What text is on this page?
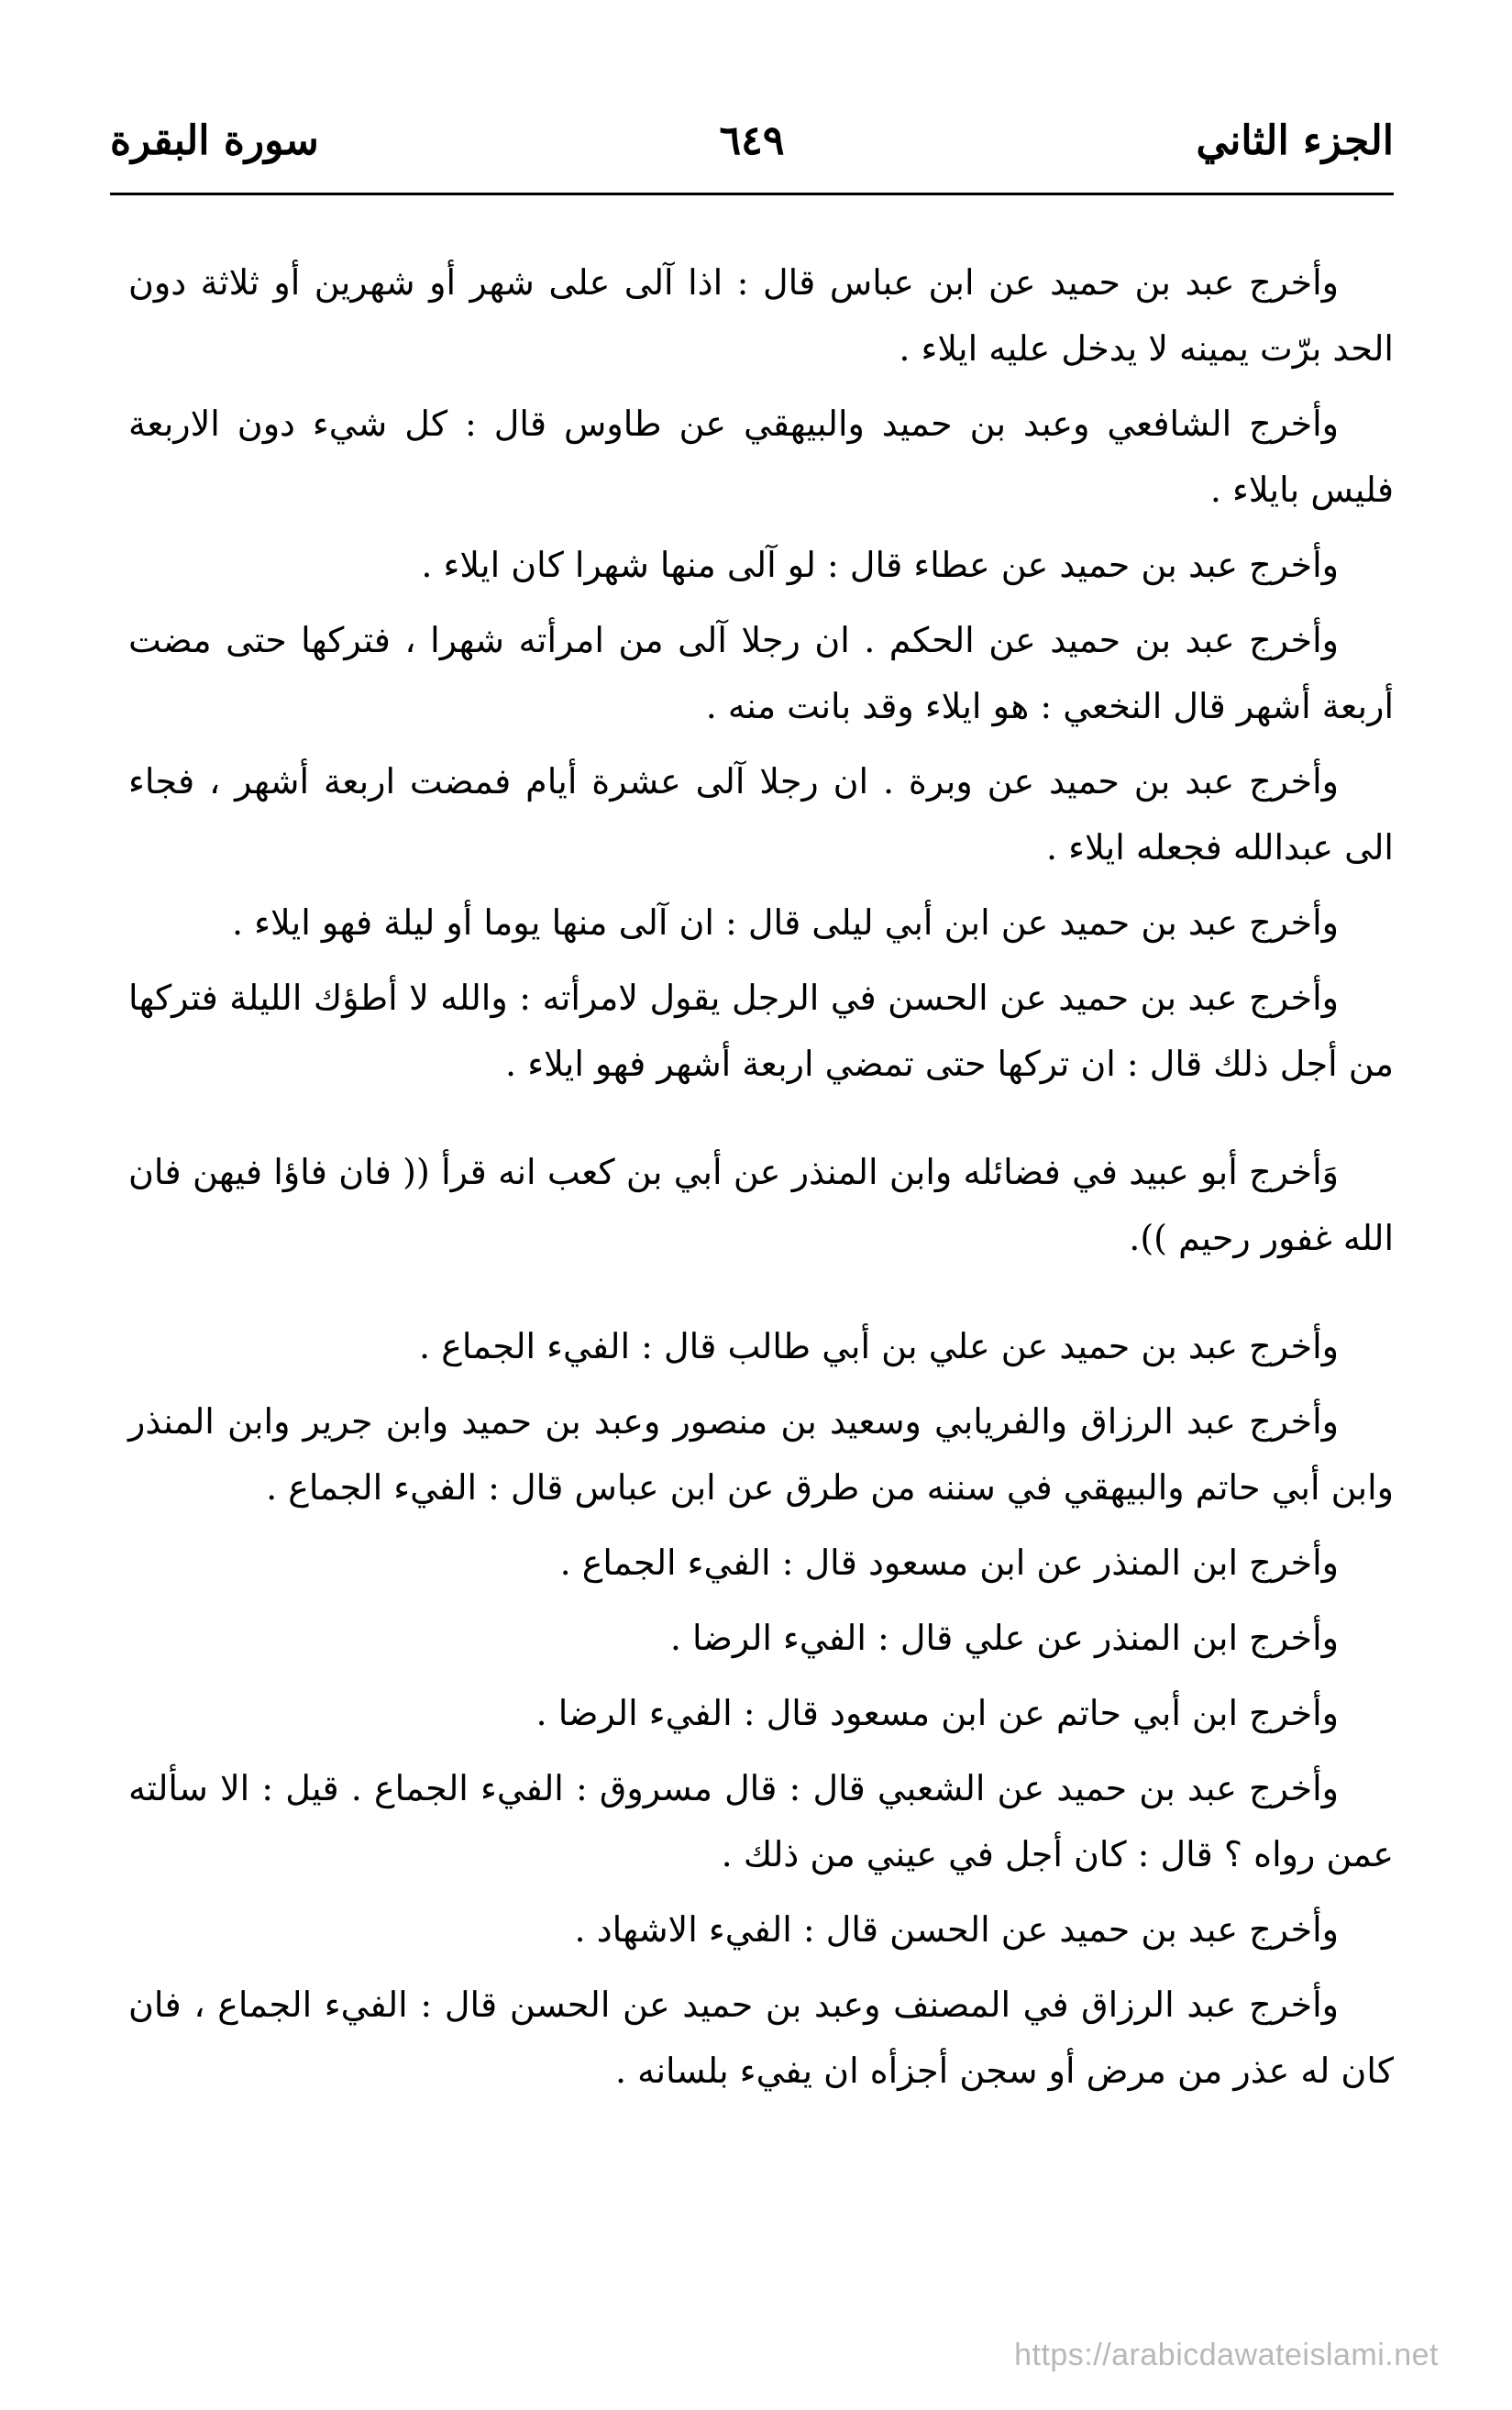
الجزء الثاني
٦٤٩
سورة البقرة

وأخرج عبد بن حميد عن ابن عباس قال : اذا آلى على شهر أو شهرين أو ثلاثة دون الحد برّت يمينه لا يدخل عليه ايلاء .

وأخرج الشافعي وعبد بن حميد والبيهقي عن طاوس قال : كل شيء دون الاربعة فليس بايلاء .

وأخرج عبد بن حميد عن عطاء قال : لو آلى منها شهرا كان ايلاء .

وأخرج عبد بن حميد عن الحكم . ان رجلا آلى من امرأته شهرا ، فتركها حتى مضت أربعة أشهر قال النخعي : هو ايلاء وقد بانت منه .

وأخرج عبد بن حميد عن وبرة . ان رجلا آلى عشرة أيام فمضت اربعة أشهر ، فجاء الى عبدالله فجعله ايلاء .

وأخرج عبد بن حميد عن ابن أبي ليلى قال : ان آلى منها يوما أو ليلة فهو ايلاء .

وأخرج عبد بن حميد عن الحسن في الرجل يقول لامرأته : والله لا أطؤك الليلة فتركها من أجل ذلك قال : ان تركها حتى تمضي اربعة أشهر فهو ايلاء .

وَأخرج أبو عبيد في فضائله وابن المنذر عن أبي بن كعب انه قرأ (( فان فاؤا فيهن فان الله غفور رحيم )).

وأخرج عبد بن حميد عن علي بن أبي طالب قال : الفيء الجماع .

وأخرج عبد الرزاق والفريابي وسعيد بن منصور وعبد بن حميد وابن جرير وابن المنذر وابن أبي حاتم والبيهقي في سننه من طرق عن ابن عباس قال : الفيء الجماع .

وأخرج ابن المنذر عن ابن مسعود قال : الفيء الجماع .

وأخرج ابن المنذر عن علي قال : الفيء الرضا .

وأخرج ابن أبي حاتم عن ابن مسعود قال : الفيء الرضا .

وأخرج عبد بن حميد عن الشعبي قال : قال مسروق : الفيء الجماع . قيل : الا سألته عمن رواه ؟ قال : كان أجل في عيني من ذلك .

وأخرج عبد بن حميد عن الحسن قال : الفيء الاشهاد .

وأخرج عبد الرزاق في المصنف وعبد بن حميد عن الحسن قال : الفيء الجماع ، فان كان له عذر من مرض أو سجن أجزأه ان يفيء بلسانه .

https://arabicdawateislami.net
